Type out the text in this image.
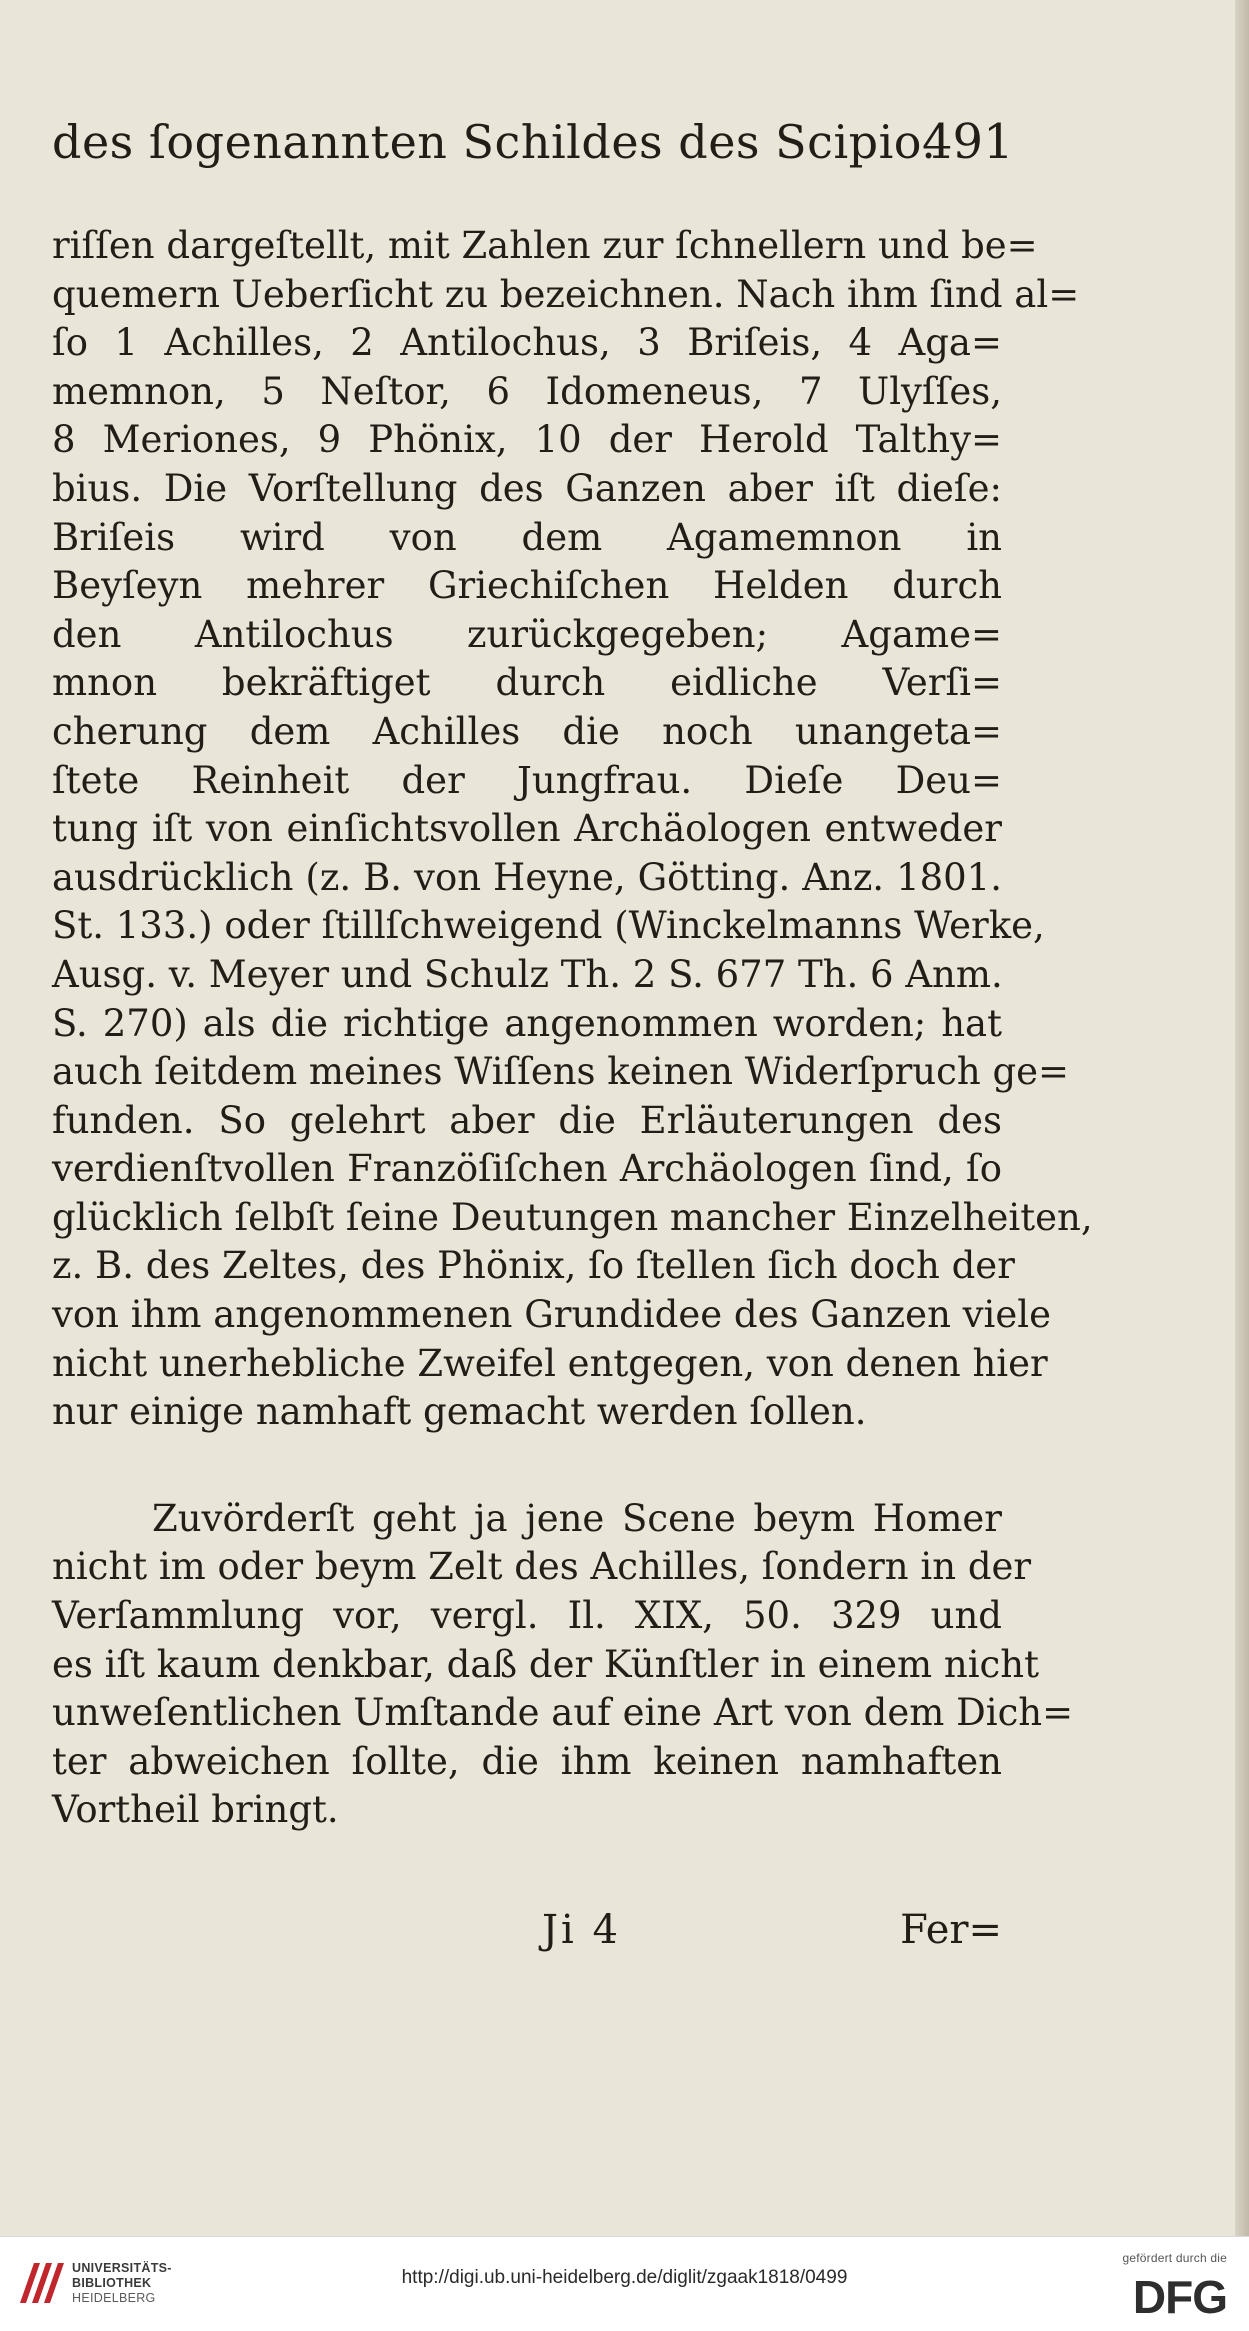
des ſogenannten Schildes des Scipio.
491
riſſen dargeſtellt, mit Zahlen zur ſchnellern und be=
quemern Ueberſicht zu bezeichnen. Nach ihm ſind al=
ſo 1 Achilles, 2 Antilochus, 3 Briſeis, 4 Aga=
memnon, 5 Neſtor, 6 Idomeneus, 7 Ulyſſes,
8 Meriones, 9 Phönix, 10 der Herold Talthy=
bius. Die Vorſtellung des Ganzen aber iſt dieſe:
Briſeis wird von dem Agamemnon in
Beyſeyn mehrer Griechiſchen Helden durch
den Antilochus zurückgegeben; Agame=
mnon bekräftiget durch eidliche Verſi=
cherung dem Achilles die noch unangeta=
ſtete Reinheit der Jungfrau. Dieſe Deu=
tung iſt von einſichtsvollen Archäologen entweder
ausdrücklich (z. B. von Heyne, Götting. Anz. 1801.
St. 133.) oder ſtillſchweigend (Winckelmanns Werke,
Ausg. v. Meyer und Schulz Th. 2 S. 677 Th. 6 Anm.
S. 270) als die richtige angenommen worden; hat
auch ſeitdem meines Wiſſens keinen Widerſpruch ge=
funden. So gelehrt aber die Erläuterungen des
verdienſtvollen Franzöſiſchen Archäologen ſind, ſo
glücklich ſelbſt ſeine Deutungen mancher Einzelheiten,
z. B. des Zeltes, des Phönix, ſo ſtellen ſich doch der
von ihm angenommenen Grundidee des Ganzen viele
nicht unerhebliche Zweifel entgegen, von denen hier
nur einige namhaft gemacht werden ſollen.
Zuvörderſt geht ja jene Scene beym Homer
nicht im oder beym Zelt des Achilles, ſondern in der
Verſammlung vor, vergl. Il. XIX, 50. 329 und
es iſt kaum denkbar, daß der Künſtler in einem nicht
unweſentlichen Umſtande auf eine Art von dem Dich=
ter abweichen ſollte, die ihm keinen namhaften
Vortheil bringt.
Ji 4	Fer=
UNIVERSITÄTS-
BIBLIOTHEK
HEIDELBERG
http://digi.ub.uni-heidelberg.de/diglit/zgaak1818/0499
gefördert durch die
DFG
